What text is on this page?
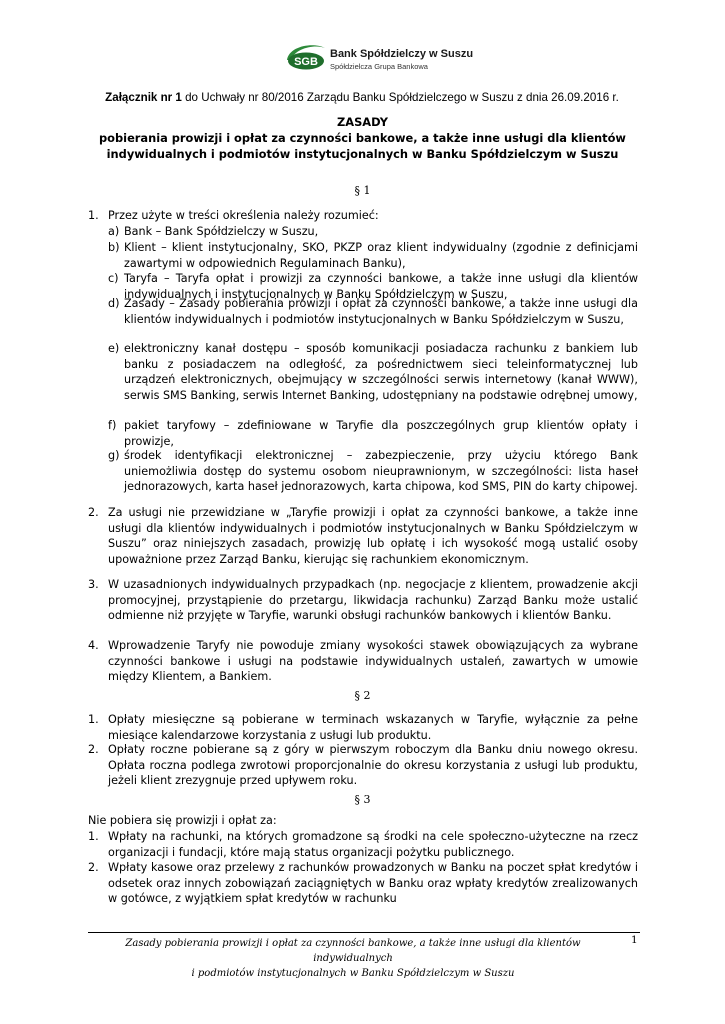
SGB
Bank Spółdzielczy w Suszu
Spółdzielcza Grupa Bankowa
Załącznik nr 1 do Uchwały nr 80/2016 Zarządu Banku Spółdzielczego w Suszu z dnia 26.09.2016 r.
ZASADY
pobierania prowizji i opłat za czynności bankowe, a także inne usługi dla klientów
indywidualnych i podmiotów instytucjonalnych w Banku Spółdzielczym w Suszu
§ 1
1. Przez użyte w treści określenia należy rozumieć:
a) Bank – Bank Spółdzielczy w Suszu,
b) Klient – klient instytucjonalny, SKO, PKZP oraz klient indywidualny (zgodnie z definicjami zawartymi w odpowiednich Regulaminach Banku),
c) Taryfa – Taryfa opłat i prowizji za czynności bankowe, a także inne usługi dla klientów indywidualnych i instytucjonalnych w Banku Spółdzielczym w Suszu,
d) Zasady – Zasady pobierania prowizji i opłat za czynności bankowe, a także inne usługi dla klientów indywidualnych i podmiotów instytucjonalnych w Banku Spółdzielczym w Suszu,
e) elektroniczny kanał dostępu – sposób komunikacji posiadacza rachunku z bankiem lub banku z posiadaczem na odległość, za pośrednictwem sieci teleinformatycznej lub urządzeń elektronicznych, obejmujący w szczególności serwis internetowy (kanał WWW), serwis SMS Banking, serwis Internet Banking, udostępniany na podstawie odrębnej umowy,
f) pakiet taryfowy – zdefiniowane w Taryfie dla poszczególnych grup klientów opłaty i prowizje,
g) środek identyfikacji elektronicznej – zabezpieczenie, przy użyciu którego Bank uniemożliwia dostęp do systemu osobom nieuprawnionym, w szczególności: lista haseł jednorazowych, karta haseł jednorazowych, karta chipowa, kod SMS, PIN do karty chipowej.
2. Za usługi nie przewidziane w „Taryfie prowizji i opłat za czynności bankowe, a także inne usługi dla klientów indywidualnych i podmiotów instytucjonalnych w Banku Spółdzielczym w Suszu” oraz niniejszych zasadach, prowizję lub opłatę i ich wysokość mogą ustalić osoby upoważnione przez Zarząd Banku, kierując się rachunkiem ekonomicznym.
3. W uzasadnionych indywidualnych przypadkach (np. negocjacje z klientem, prowadzenie akcji promocyjnej, przystąpienie do przetargu, likwidacja rachunku) Zarząd Banku może ustalić odmienne niż przyjęte w Taryfie, warunki obsługi rachunków bankowych i klientów Banku.
4. Wprowadzenie Taryfy nie powoduje zmiany wysokości stawek obowiązujących za wybrane czynności bankowe i usługi na podstawie indywidualnych ustaleń, zawartych w umowie między Klientem, a Bankiem.
§ 2
1. Opłaty miesięczne są pobierane w terminach wskazanych w Taryfie, wyłącznie za pełne miesiące kalendarzowe korzystania z usługi lub produktu.
2. Opłaty roczne pobierane są z góry w pierwszym roboczym dla Banku dniu nowego okresu. Opłata roczna podlega zwrotowi proporcjonalnie do okresu korzystania z usługi lub produktu, jeżeli klient zrezygnuje przed upływem roku.
§ 3
Nie pobiera się prowizji i opłat za:
1. Wpłaty na rachunki, na których gromadzone są środki na cele społeczno-użyteczne na rzecz organizacji i fundacji, które mają status organizacji pożytku publicznego.
2. Wpłaty kasowe oraz przelewy z rachunków prowadzonych w Banku na poczet spłat kredytów i odsetek oraz innych zobowiązań zaciągniętych w Banku oraz wpłaty kredytów zrealizowanych w gotówce, z wyjątkiem spłat kredytów w rachunku
Zasady pobierania prowizji i opłat za czynności bankowe, a także inne usługi dla klientów indywidualnych
i podmiotów instytucjonalnych w Banku Spółdzielczym w Suszu
1
